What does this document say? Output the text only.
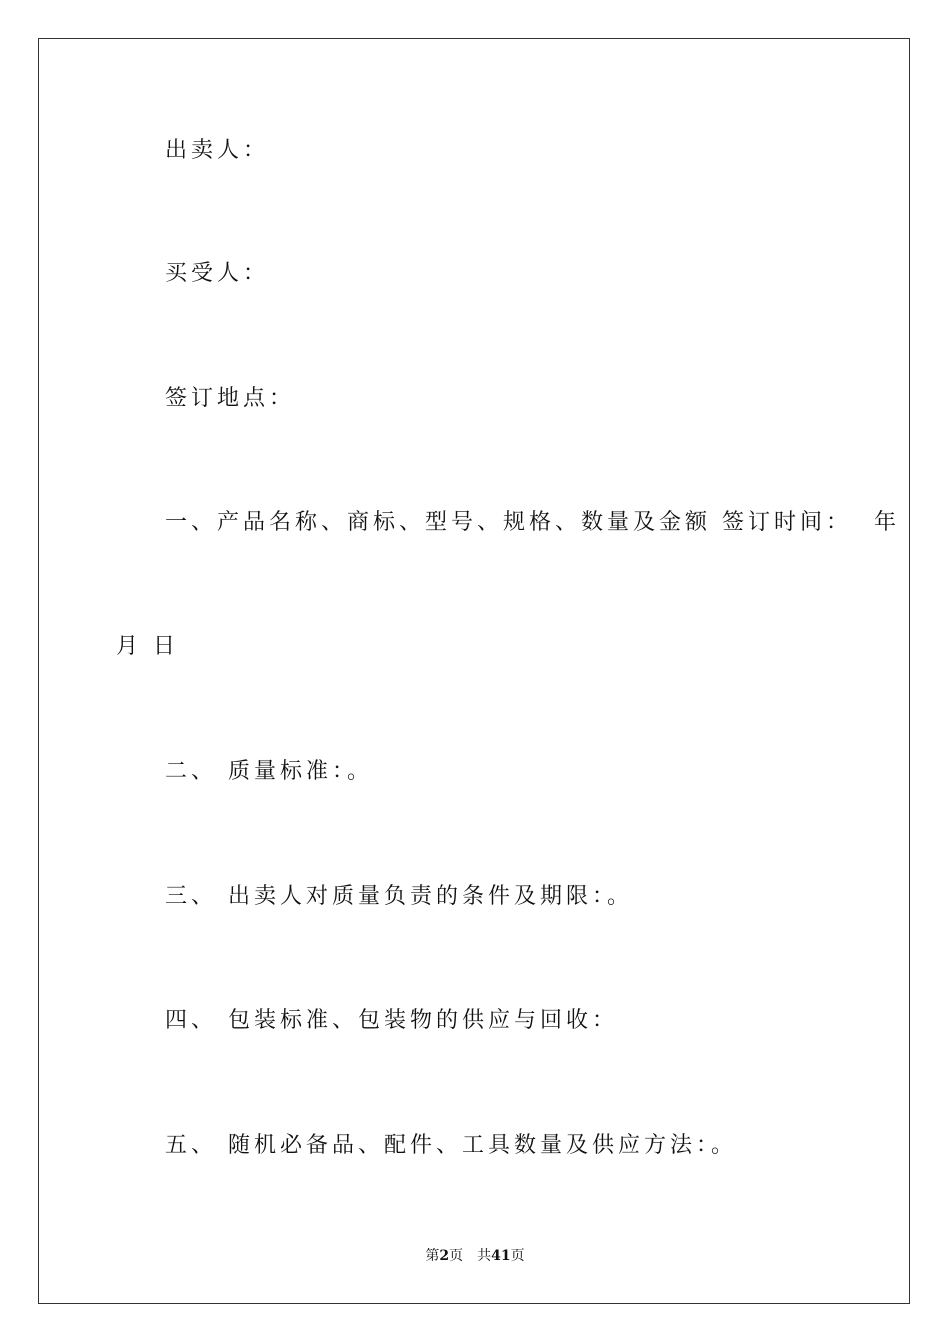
出卖人：
买受人：
签订地点：
一、产品名称、商标、型号、规格、数量及金额 签订时间：  年
月 日
二、 质量标准：。
三、 出卖人对质量负责的条件及期限：。
四、 包装标准、包装物的供应与回收：
五、 随机必备品、配件、工具数量及供应方法：。
第2页　共41页
